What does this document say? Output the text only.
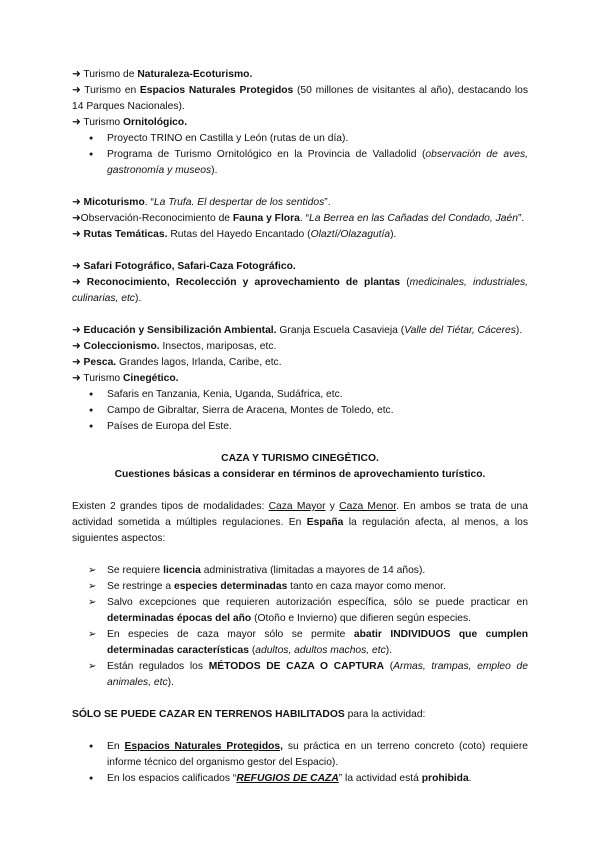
➜ Turismo de Naturaleza-Ecoturismo.

➜ Turismo en Espacios Naturales Protegidos (50 millones de visitantes al año), destacando los 14 Parques Nacionales).

➜ Turismo Ornitológico.

● Proyecto TRINO en Castilla y León (rutas de un día).
● Programa de Turismo Ornitológico en la Provincia de Valladolid (observación de aves, gastronomía y museos).

➜ Micoturismo. “La Trufa. El despertar de los sentidos”.

➜Observación-Reconocimiento de Fauna y Flora. “La Berrea en las Cañadas del Condado, Jaén”.

➜ Rutas Temáticas. Rutas del Hayedo Encantado (Olaztí/Olazagutía).

➜ Safari Fotográfico, Safari-Caza Fotográfico.

➜ Reconocimiento, Recolección y aprovechamiento de plantas (medicinales, industriales, culinarias, etc).

➜ Educación y Sensibilización Ambiental. Granja Escuela Casavieja (Valle del Tiétar, Cáceres).

➜ Coleccionismo. Insectos, mariposas, etc.

➜ Pesca. Grandes lagos, Irlanda, Caribe, etc.

➜ Turismo Cinegético.

● Safaris en Tanzania, Kenia, Uganda, Sudáfrica, etc.
● Campo de Gibraltar, Sierra de Aracena, Montes de Toledo, etc.
● Países de Europa del Este.

CAZA Y TURISMO CINEGÉTICO.

Cuestiones básicas a considerar en términos de aprovechamiento turístico.

Existen 2 grandes tipos de modalidades: Caza Mayor y Caza Menor. En ambos se trata de una actividad sometida a múltiples regulaciones. En España la regulación afecta, al menos, a los siguientes aspectos:

➢ Se requiere licencia administrativa (limitadas a mayores de 14 años).
➢ Se restringe a especies determinadas tanto en caza mayor como menor.
➢ Salvo excepciones que requieren autorización específica, sólo se puede practicar en determinadas épocas del año (Otoño e Invierno) que difieren según especies.
➢ En especies de caza mayor sólo se permite abatir INDIVIDUOS que cumplen determinadas características (adultos, adultos machos, etc).
➢ Están regulados los MÉTODOS DE CAZA O CAPTURA (Armas, trampas, empleo de animales, etc).

SÓLO SE PUEDE CAZAR EN TERRENOS HABILITADOS para la actividad:

● En Espacios Naturales Protegidos, su práctica en un terreno concreto (coto) requiere informe técnico del organismo gestor del Espacio).
● En los espacios calificados “REFUGIOS DE CAZA” la actividad está prohibida.
